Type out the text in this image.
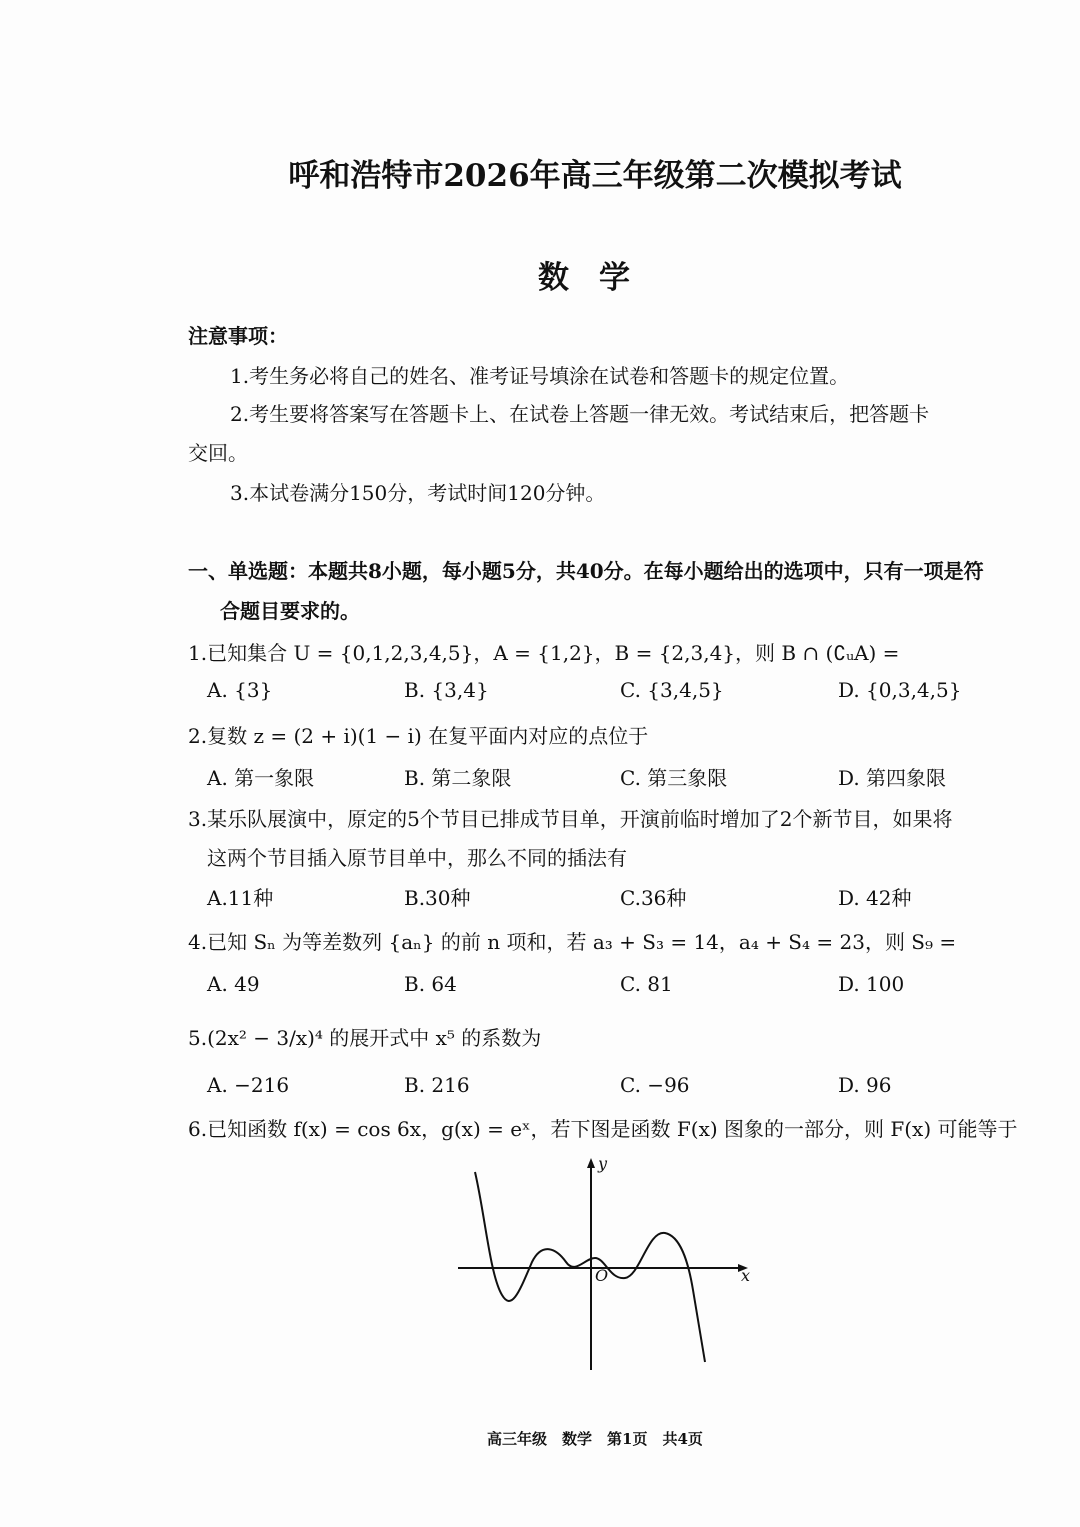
呼和浩特市2026年高三年级第二次模拟考试
数学
注意事项：
1.考生务必将自己的姓名、准考证号填涂在试卷和答题卡的规定位置。
2.考生要将答案写在答题卡上、在试卷上答题一律无效。考试结束后，把答题卡
交回。
3.本试卷满分150分，考试时间120分钟。
一、单选题：本题共8小题，每小题5分，共40分。在每小题给出的选项中，只有一项是符
合题目要求的。
1.已知集合 U = {0,1,2,3,4,5}，A = {1,2}，B = {2,3,4}，则 B ∩ (∁ᵤA) =
A. {3}	B. {3,4}	C. {3,4,5}	D. {0,3,4,5}
2.复数 z = (2 + i)(1 − i) 在复平面内对应的点位于
A. 第一象限	B. 第二象限	C. 第三象限	D. 第四象限
3.某乐队展演中，原定的5个节目已排成节目单，开演前临时增加了2个新节目，如果将
这两个节目插入原节目单中，那么不同的插法有
A.11种	B.30种	C.36种	D. 42种
4.已知 Sₙ 为等差数列 {aₙ} 的前 n 项和，若 a₃ + S₃ = 14，a₄ + S₄ = 23，则 S₉ =
A. 49	B. 64	C. 81	D. 100
5.(2x² − 3/x)⁴ 的展开式中 x⁵ 的系数为
A. −216	B. 216	C. −96	D. 96
6.已知函数 f(x) = cos 6x，g(x) = eˣ，若下图是函数 F(x) 图象的一部分，则 F(x) 可能等于
x
y
O
高三年级　数学　第1页　共4页
